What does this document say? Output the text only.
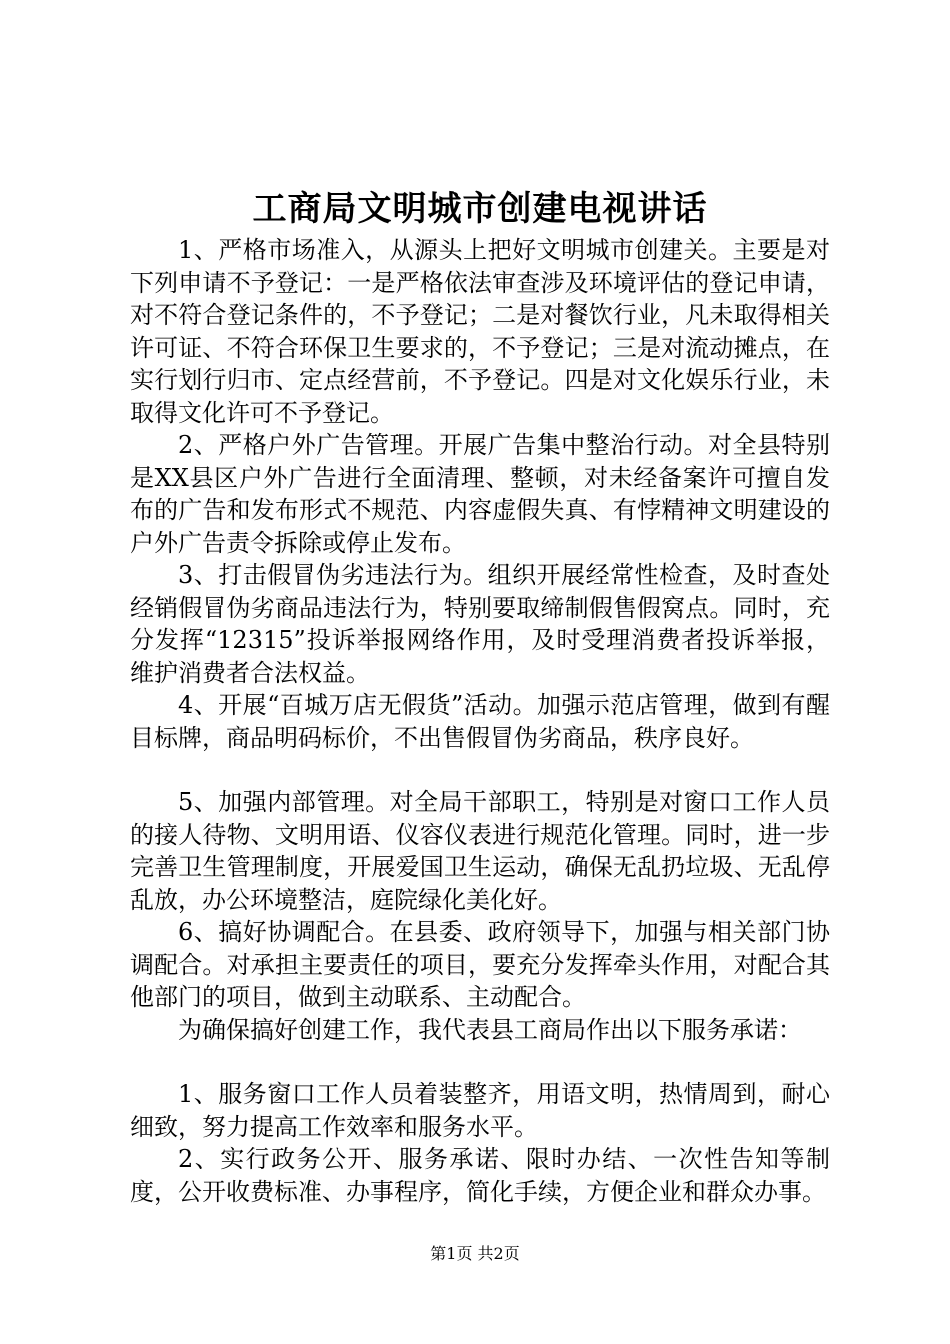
工商局文明城市创建电视讲话

1、严格市场准入，从源头上把好文明城市创建关。主要是对下列申请不予登记：一是严格依法审查涉及环境评估的登记申请，对不符合登记条件的，不予登记；二是对餐饮行业，凡未取得相关许可证、不符合环保卫生要求的，不予登记；三是对流动摊点，在实行划行归市、定点经营前，不予登记。四是对文化娱乐行业，未取得文化许可不予登记。

2、严格户外广告管理。开展广告集中整治行动。对全县特别是XX县区户外广告进行全面清理、整顿，对未经备案许可擅自发布的广告和发布形式不规范、内容虚假失真、有悖精神文明建设的户外广告责令拆除或停止发布。

3、打击假冒伪劣违法行为。组织开展经常性检查，及时查处经销假冒伪劣商品违法行为，特别要取缔制假售假窝点。同时，充分发挥“12315”投诉举报网络作用，及时受理消费者投诉举报，维护消费者合法权益。

4、开展“百城万店无假货”活动。加强示范店管理，做到有醒目标牌，商品明码标价，不出售假冒伪劣商品，秩序良好。

5、加强内部管理。对全局干部职工，特别是对窗口工作人员的接人待物、文明用语、仪容仪表进行规范化管理。同时，进一步完善卫生管理制度，开展爱国卫生运动，确保无乱扔垃圾、无乱停乱放，办公环境整洁，庭院绿化美化好。

6、搞好协调配合。在县委、政府领导下，加强与相关部门协调配合。对承担主要责任的项目，要充分发挥牵头作用，对配合其他部门的项目，做到主动联系、主动配合。

为确保搞好创建工作，我代表县工商局作出以下服务承诺：

1、服务窗口工作人员着装整齐，用语文明，热情周到，耐心细致，努力提高工作效率和服务水平。

2、实行政务公开、服务承诺、限时办结、一次性告知等制度，公开收费标准、办事程序，简化手续，方便企业和群众办事。

第1页 共2页
